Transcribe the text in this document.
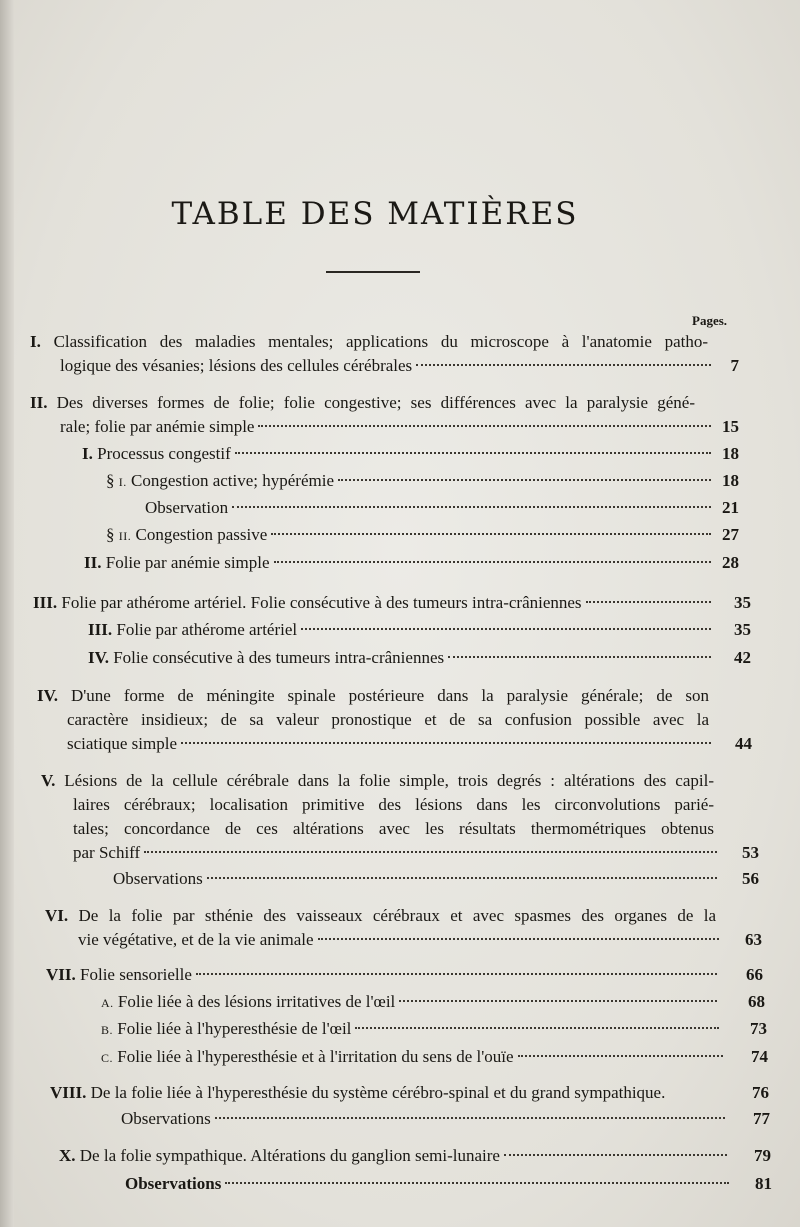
TABLE DES MATIÈRES
Pages.
I. Classification des maladies mentales; applications du microscope à l'anatomie patho-
logique des vésanies; lésions des cellules cérébrales	7
II. Des diverses formes de folie; folie congestive; ses différences avec la paralysie géné-
rale; folie par anémie simple	15
I. Processus congestif	18
§ I. Congestion active; hypérémie	18
Observation	21
§ II. Congestion passive	27
II. Folie par anémie simple	28
III. Folie par athérome artériel. Folie consécutive à des tumeurs intra-crâniennes	35
III. Folie par athérome artériel	35
IV. Folie consécutive à des tumeurs intra-crâniennes	42
IV. D'une forme de méningite spinale postérieure dans la paralysie générale; de son
caractère insidieux; de sa valeur pronostique et de sa confusion possible avec la
sciatique simple	44
V. Lésions de la cellule cérébrale dans la folie simple, trois degrés : altérations des capil-
laires cérébraux; localisation primitive des lésions dans les circonvolutions parié-
tales; concordance de ces altérations avec les résultats thermométriques obtenus
par Schiff	53
Observations	56
VI. De la folie par sthénie des vaisseaux cérébraux et avec spasmes des organes de la
vie végétative, et de la vie animale	63
VII. Folie sensorielle	66
A. Folie liée à des lésions irritatives de l'œil	68
B. Folie liée à l'hyperesthésie de l'œil	73
C. Folie liée à l'hyperesthésie et à l'irritation du sens de l'ouïe	74
VIII. De la folie liée à l'hyperesthésie du système cérébro-spinal et du grand sympathique.	76
Observations	77
X. De la folie sympathique. Altérations du ganglion semi-lunaire	79
Observations	81
